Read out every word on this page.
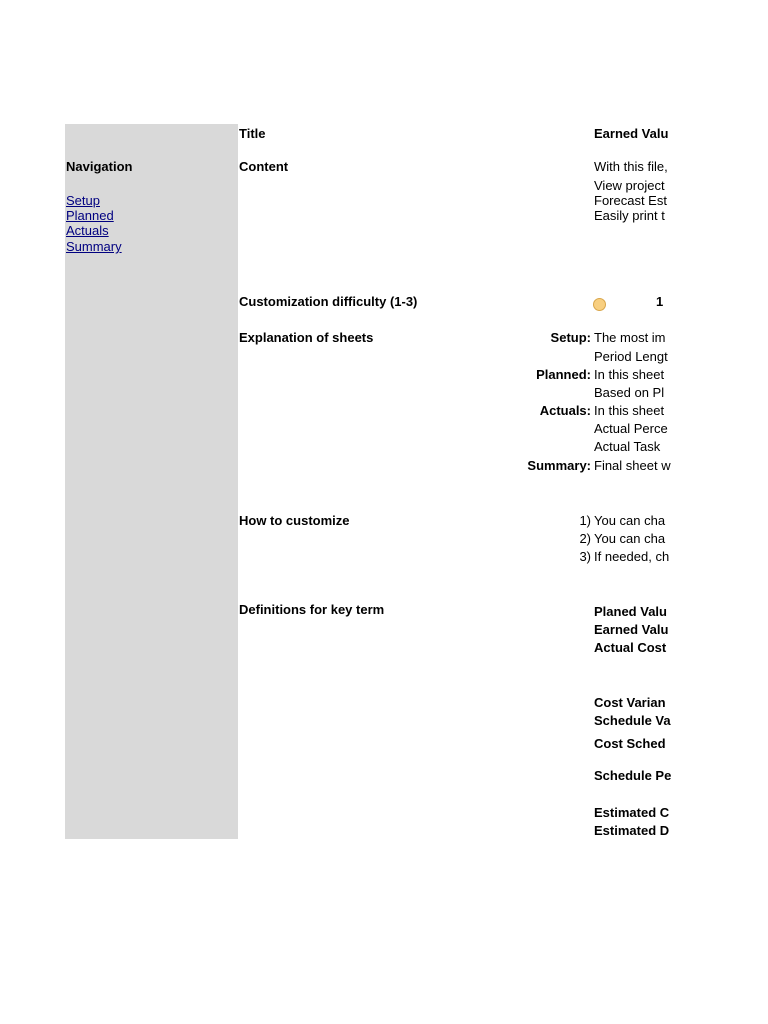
Title	Earned Valu
Navigation
Setup
Planned
Actuals
Summary
Content	With this file,
View project
Forecast Est
Easily print t
Customization difficulty (1-3)	1
Explanation of sheets	Setup: The most im
Period Lengt
Planned: In this sheet
Based on Pl
Actuals: In this sheet
Actual Perce
Actual Task
Summary: Final sheet w
How to customize	1) You can cha
2) You can cha
3) If needed, ch
Definitions for key term	Planed Valu
Earned Valu
Actual Cost
Cost Varian
Schedule Va
Cost Sched
Schedule Pe
Estimated C
Estimated D
